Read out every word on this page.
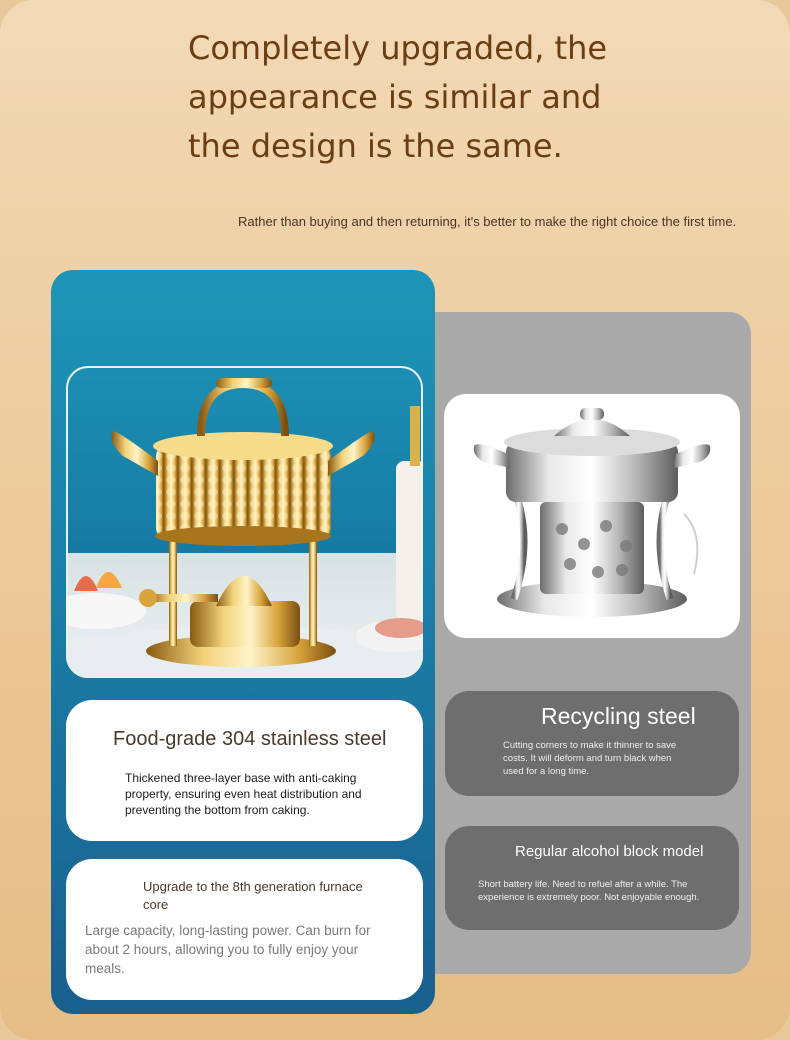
Completely upgraded, the appearance is similar and the design is the same.
Rather than buying and then returning, it's better to make the right choice the first time.
Food-grade 304 stainless steel
Thickened three-layer base with anti-caking property, ensuring even heat distribution and preventing the bottom from caking.
Upgrade to the 8th generation furnace core
Large capacity, long-lasting power. Can burn for about 2 hours, allowing you to fully enjoy your meals.
Recycling steel
Cutting corners to make it thinner to save costs. It will deform and turn black when used for a long time.
Regular alcohol block model
Short battery life. Need to refuel after a while. The experience is extremely poor. Not enjoyable enough.
